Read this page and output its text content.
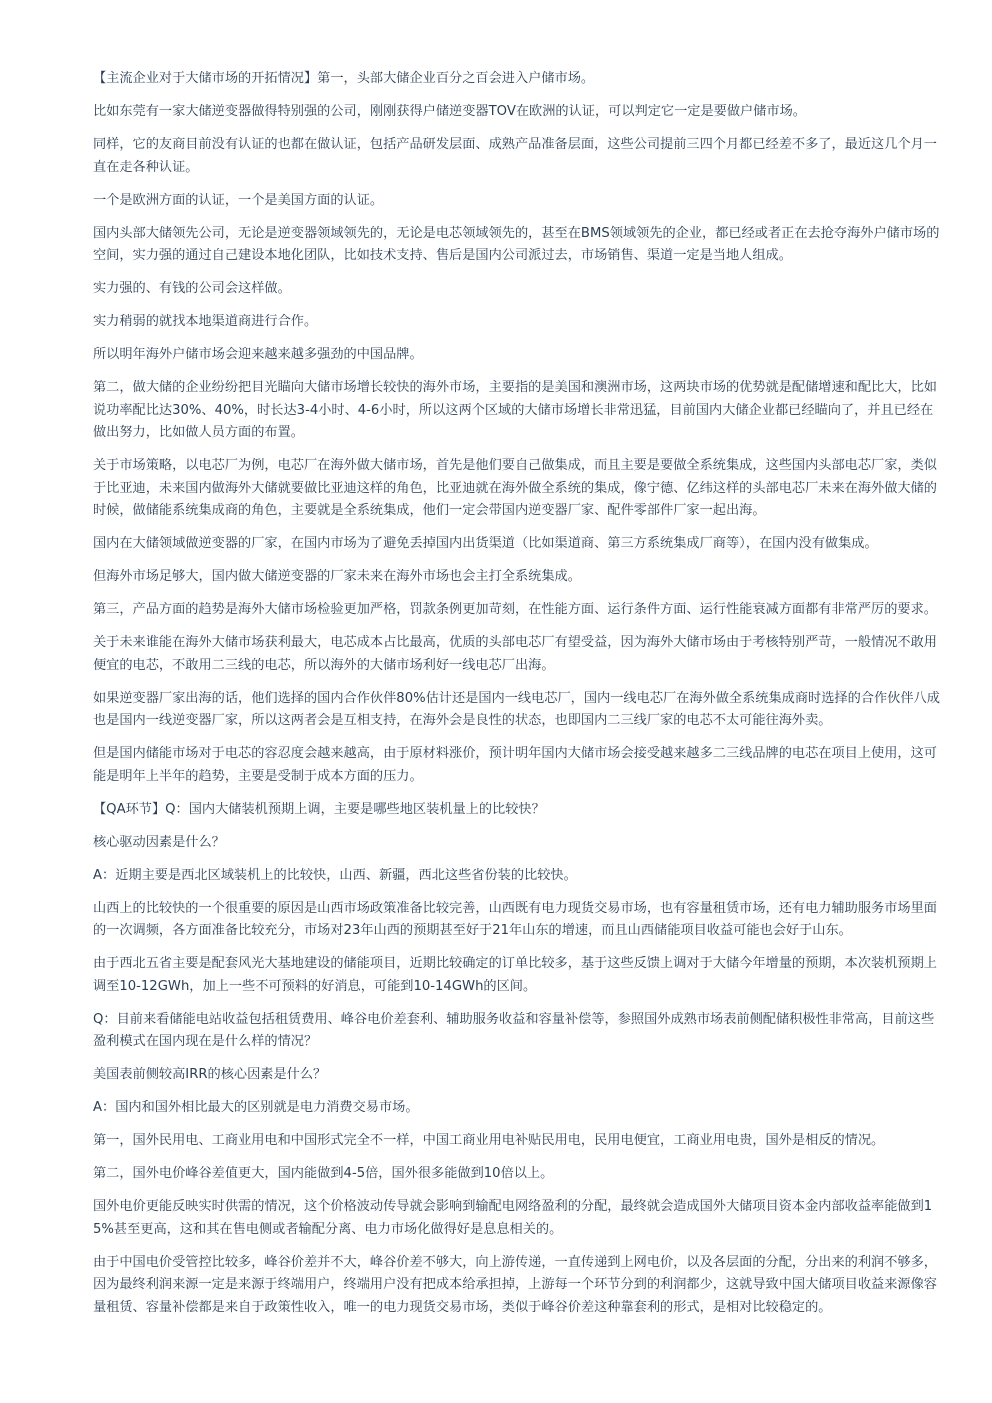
【主流企业对于大储市场的开拓情况】第一，头部大储企业百分之百会进入户储市场。

比如东莞有一家大储逆变器做得特别强的公司，刚刚获得户储逆变器TOV在欧洲的认证，可以判定它一定是要做户储市场。

同样，它的友商目前没有认证的也都在做认证，包括产品研发层面、成熟产品准备层面，这些公司提前三四个月都已经差不多了，最近这几个月一直在走各种认证。

一个是欧洲方面的认证，一个是美国方面的认证。

国内头部大储领先公司，无论是逆变器领域领先的，无论是电芯领域领先的，甚至在BMS领域领先的企业，都已经或者正在去抢夺海外户储市场的空间，实力强的通过自己建设本地化团队，比如技术支持、售后是国内公司派过去，市场销售、渠道一定是当地人组成。

实力强的、有钱的公司会这样做。

实力稍弱的就找本地渠道商进行合作。

所以明年海外户储市场会迎来越来越多强劲的中国品牌。

第二，做大储的企业纷纷把目光瞄向大储市场增长较快的海外市场，主要指的是美国和澳洲市场，这两块市场的优势就是配储增速和配比大，比如说功率配比达30%、40%，时长达3-4小时、4-6小时，所以这两个区域的大储市场增长非常迅猛，目前国内大储企业都已经瞄向了，并且已经在做出努力，比如做人员方面的布置。

关于市场策略，以电芯厂为例，电芯厂在海外做大储市场，首先是他们要自己做集成，而且主要是要做全系统集成，这些国内头部电芯厂家，类似于比亚迪，未来国内做海外大储就要做比亚迪这样的角色，比亚迪就在海外做全系统的集成，像宁德、亿纬这样的头部电芯厂未来在海外做大储的时候，做储能系统集成商的角色，主要就是全系统集成，他们一定会带国内逆变器厂家、配件零部件厂家一起出海。

国内在大储领域做逆变器的厂家，在国内市场为了避免丢掉国内出货渠道（比如渠道商、第三方系统集成厂商等），在国内没有做集成。

但海外市场足够大，国内做大储逆变器的厂家未来在海外市场也会主打全系统集成。

第三，产品方面的趋势是海外大储市场检验更加严格，罚款条例更加苛刻，在性能方面、运行条件方面、运行性能衰减方面都有非常严厉的要求。

关于未来谁能在海外大储市场获利最大，电芯成本占比最高，优质的头部电芯厂有望受益，因为海外大储市场由于考核特别严苛，一般情况不敢用便宜的电芯，不敢用二三线的电芯，所以海外的大储市场利好一线电芯厂出海。

如果逆变器厂家出海的话，他们选择的国内合作伙伴80%估计还是国内一线电芯厂，国内一线电芯厂在海外做全系统集成商时选择的合作伙伴八成也是国内一线逆变器厂家，所以这两者会是互相支持，在海外会是良性的状态，也即国内二三线厂家的电芯不太可能往海外卖。

但是国内储能市场对于电芯的容忍度会越来越高，由于原材料涨价，预计明年国内大储市场会接受越来越多二三线品牌的电芯在项目上使用，这可能是明年上半年的趋势，主要是受制于成本方面的压力。

【QA环节】Q：国内大储装机预期上调，主要是哪些地区装机量上的比较快？

核心驱动因素是什么？

A：近期主要是西北区域装机上的比较快，山西、新疆，西北这些省份装的比较快。

山西上的比较快的一个很重要的原因是山西市场政策准备比较完善，山西既有电力现货交易市场，也有容量租赁市场，还有电力辅助服务市场里面的一次调频，各方面准备比较充分，市场对23年山西的预期甚至好于21年山东的增速，而且山西储能项目收益可能也会好于山东。

由于西北五省主要是配套风光大基地建设的储能项目，近期比较确定的订单比较多，基于这些反馈上调对于大储今年增量的预期，本次装机预期上调至10-12GWh，加上一些不可预料的好消息，可能到10-14GWh的区间。

Q：目前来看储能电站收益包括租赁费用、峰谷电价差套利、辅助服务收益和容量补偿等，参照国外成熟市场表前侧配储积极性非常高，目前这些盈利模式在国内现在是什么样的情况？

美国表前侧较高IRR的核心因素是什么？

A：国内和国外相比最大的区别就是电力消费交易市场。

第一，国外民用电、工商业用电和中国形式完全不一样，中国工商业用电补贴民用电，民用电便宜，工商业用电贵，国外是相反的情况。

第二，国外电价峰谷差值更大，国内能做到4-5倍，国外很多能做到10倍以上。

国外电价更能反映实时供需的情况，这个价格波动传导就会影响到输配电网络盈利的分配，最终就会造成国外大储项目资本金内部收益率能做到15%甚至更高，这和其在售电侧或者输配分离、电力市场化做得好是息息相关的。

由于中国电价受管控比较多，峰谷价差并不大，峰谷价差不够大，向上游传递，一直传递到上网电价，以及各层面的分配，分出来的利润不够多，因为最终利润来源一定是来源于终端用户，终端用户没有把成本给承担掉，上游每一个环节分到的利润都少，这就导致中国大储项目收益来源像容量租赁、容量补偿都是来自于政策性收入，唯一的电力现货交易市场，类似于峰谷价差这种靠套利的形式，是相对比较稳定的。
